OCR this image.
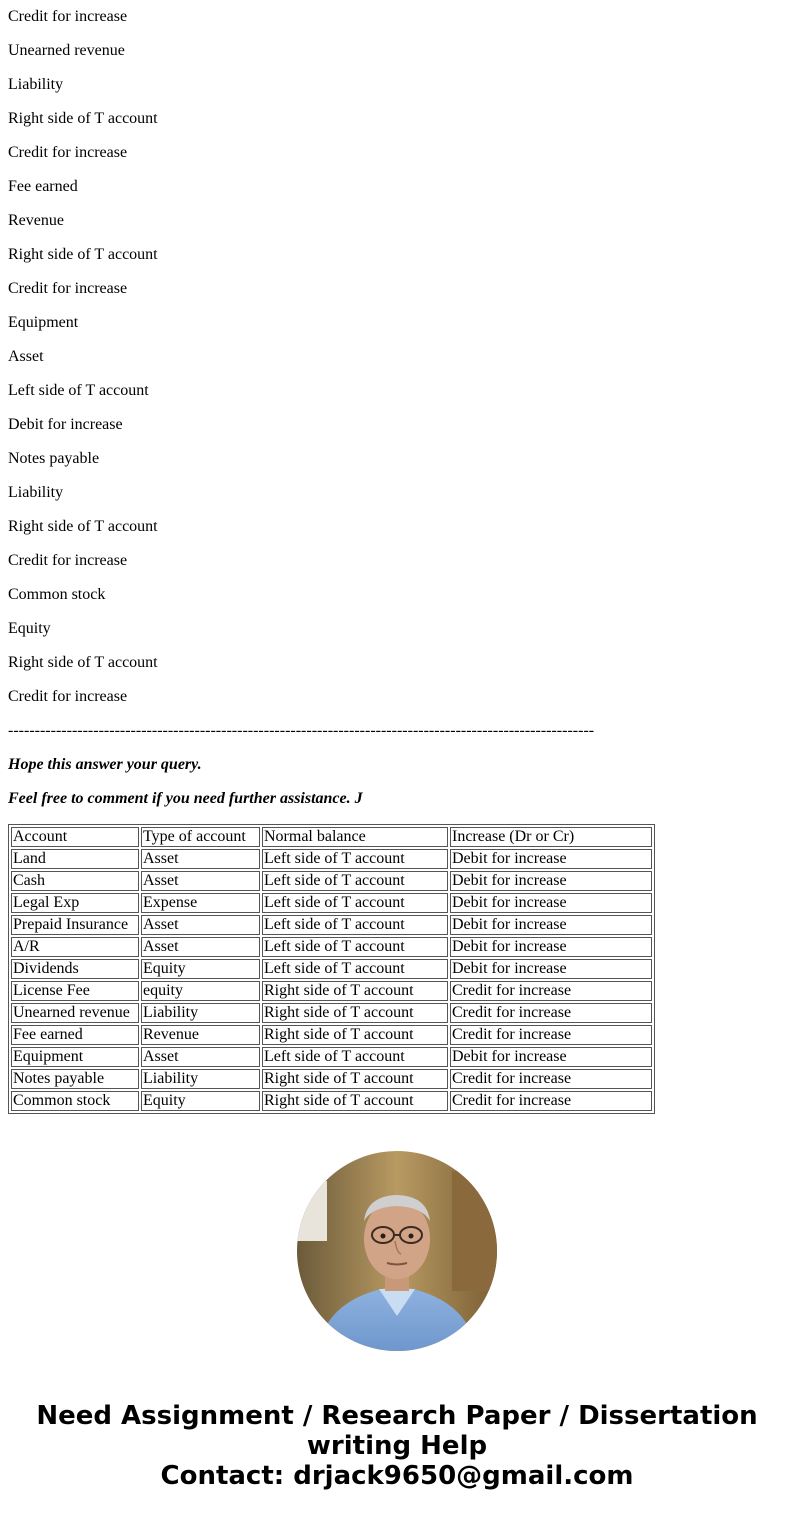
Credit for increase

Unearned revenue

Liability

Right side of T account

Credit for increase

Fee earned

Revenue

Right side of T account

Credit for increase

Equipment

Asset

Left side of T account

Debit for increase

Notes payable

Liability

Right side of T account

Credit for increase

Common stock

Equity

Right side of T account

Credit for increase

--------------------------------------------------------------------------------------------------------------

Hope this answer your query.

Feel free to comment if you need further assistance. J

Account	Type of account	Normal balance	Increase (Dr or Cr)
Land	Asset	Left side of T account	Debit for increase
Cash	Asset	Left side of T account	Debit for increase
Legal Exp	Expense	Left side of T account	Debit for increase
Prepaid Insurance	Asset	Left side of T account	Debit for increase
A/R	Asset	Left side of T account	Debit for increase
Dividends	Equity	Left side of T account	Debit for increase
License Fee	equity	Right side of T account	Credit for increase
Unearned revenue	Liability	Right side of T account	Credit for increase
Fee earned	Revenue	Right side of T account	Credit for increase
Equipment	Asset	Left side of T account	Debit for increase
Notes payable	Liability	Right side of T account	Credit for increase
Common stock	Equity	Right side of T account	Credit for increase
Need Assignment / Research Paper / Dissertation
writing Help
Contact: drjack9650@gmail.com
